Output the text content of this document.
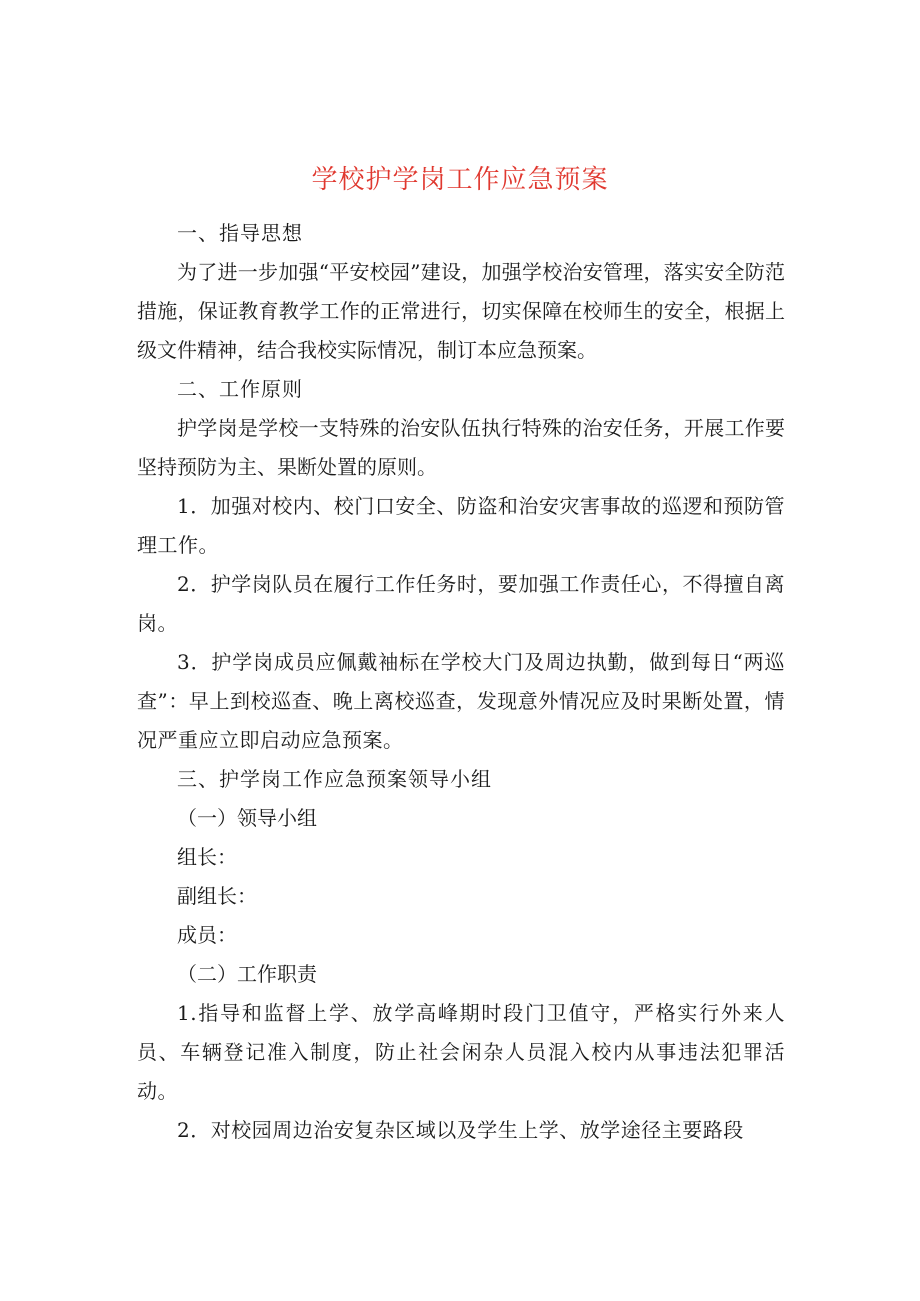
学校护学岗工作应急预案

一、指导思想

为了进一步加强“平安校园”建设，加强学校治安管理，落实安全防范措施，保证教育教学工作的正常进行，切实保障在校师生的安全，根据上级文件精神，结合我校实际情况，制订本应急预案。

二、工作原则

护学岗是学校一支特殊的治安队伍执行特殊的治安任务，开展工作要坚持预防为主、果断处置的原则。

1．加强对校内、校门口安全、防盗和治安灾害事故的巡逻和预防管理工作。

2．护学岗队员在履行工作任务时，要加强工作责任心，不得擅自离岗。

3．护学岗成员应佩戴袖标在学校大门及周边执勤，做到每日“两巡查”：早上到校巡查、晚上离校巡查，发现意外情况应及时果断处置，情况严重应立即启动应急预案。

三、护学岗工作应急预案领导小组

（一）领导小组

组长：

副组长：

成员：

（二）工作职责

1.指导和监督上学、放学高峰期时段门卫值守，严格实行外来人员、车辆登记准入制度，防止社会闲杂人员混入校内从事违法犯罪活动。

2．对校园周边治安复杂区域以及学生上学、放学途径主要路段
